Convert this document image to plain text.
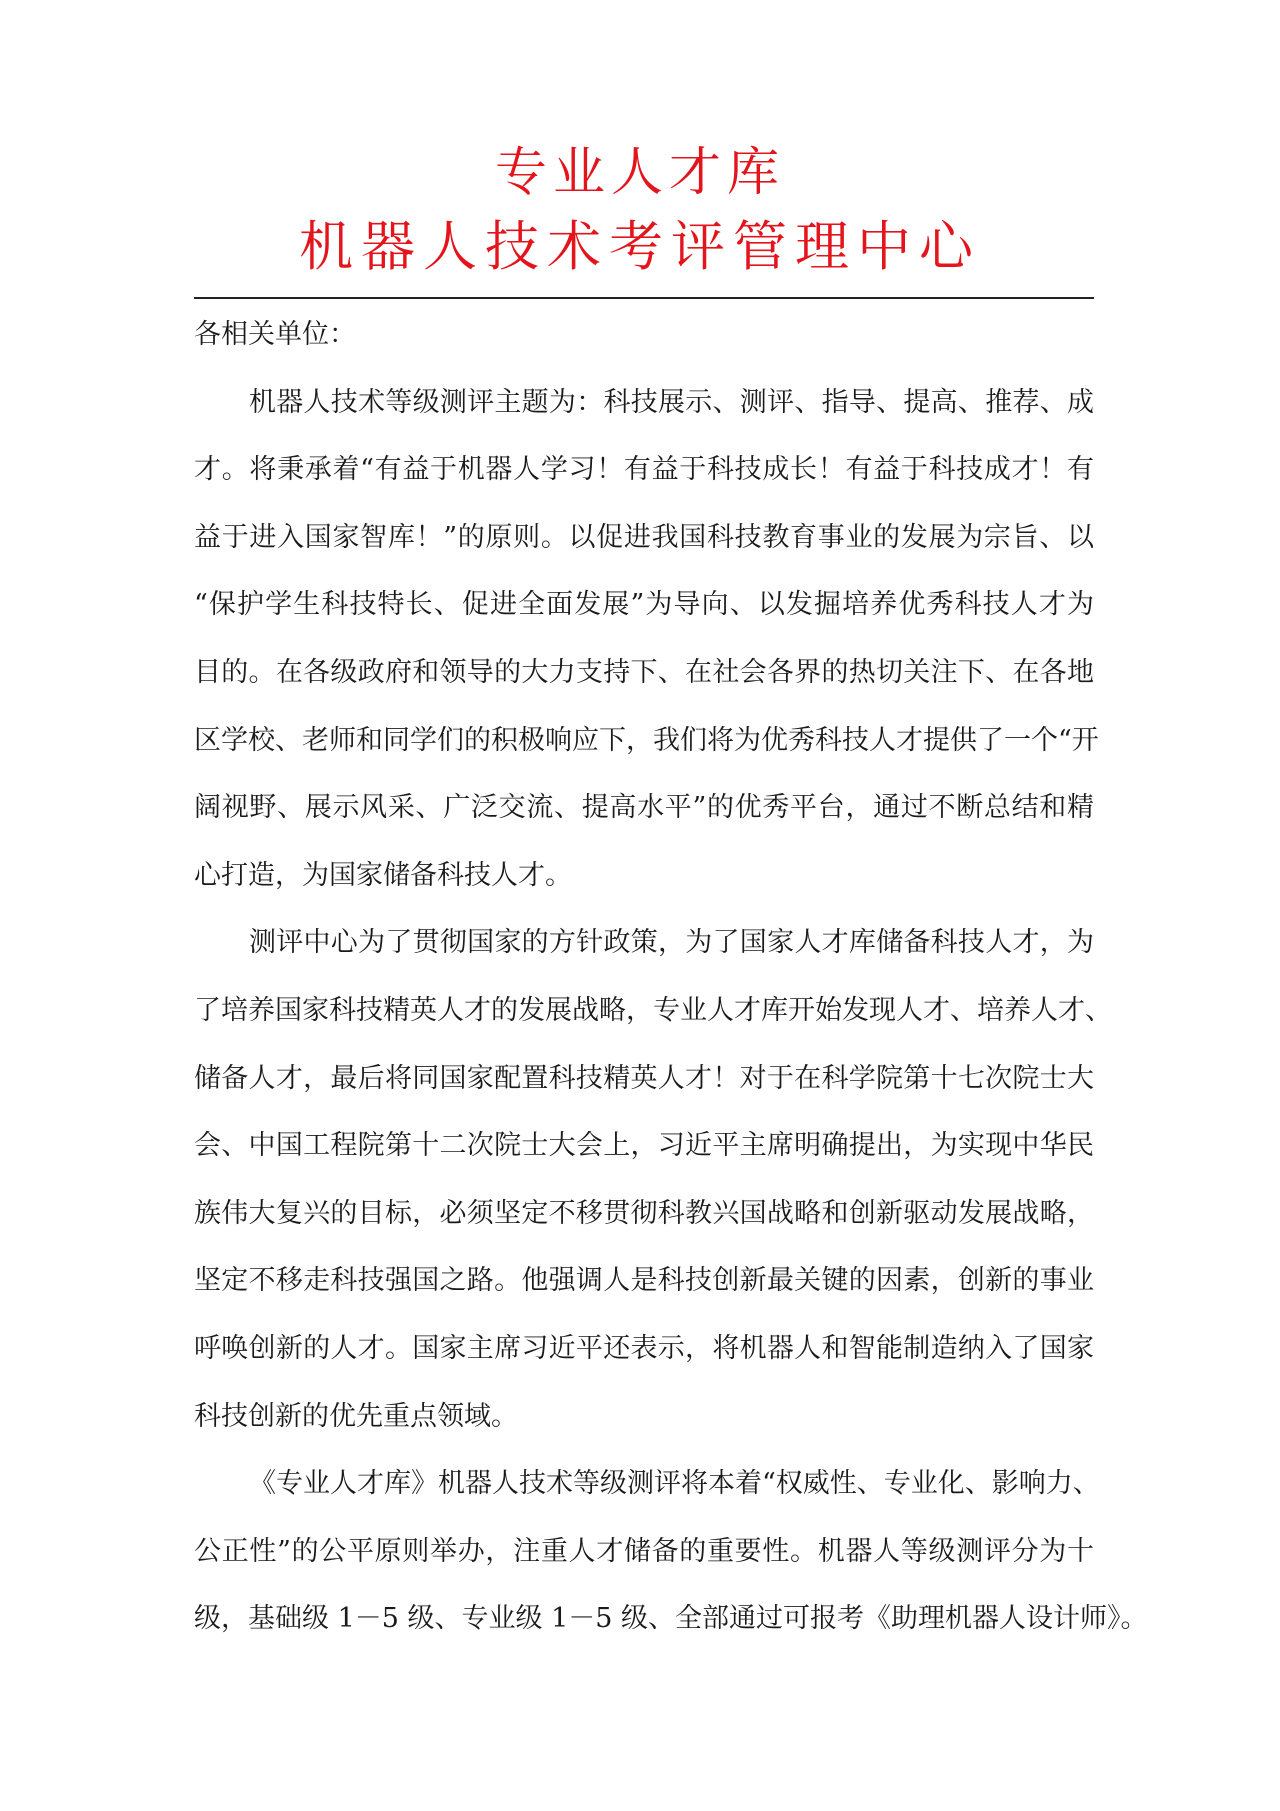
专业人才库
机器人技术考评管理中心
各相关单位：
机器人技术等级测评主题为：科技展示、测评、指导、提高、推荐、成
才。将秉承着“有益于机器人学习！有益于科技成长！有益于科技成才！有
益于进入国家智库！”的原则。以促进我国科技教育事业的发展为宗旨、以
“保护学生科技特长、促进全面发展”为导向、以发掘培养优秀科技人才为
目的。在各级政府和领导的大力支持下、在社会各界的热切关注下、在各地
区学校、老师和同学们的积极响应下，我们将为优秀科技人才提供了一个“开
阔视野、展示风采、广泛交流、提高水平”的优秀平台，通过不断总结和精
心打造，为国家储备科技人才。
测评中心为了贯彻国家的方针政策，为了国家人才库储备科技人才，为
了培养国家科技精英人才的发展战略，专业人才库开始发现人才、培养人才、
储备人才，最后将同国家配置科技精英人才！对于在科学院第十七次院士大
会、中国工程院第十二次院士大会上，习近平主席明确提出，为实现中华民
族伟大复兴的目标，必须坚定不移贯彻科教兴国战略和创新驱动发展战略，
坚定不移走科技强国之路。他强调人是科技创新最关键的因素，创新的事业
呼唤创新的人才。国家主席习近平还表示，将机器人和智能制造纳入了国家
科技创新的优先重点领域。
《专业人才库》机器人技术等级测评将本着“权威性、专业化、影响力、
公正性”的公平原则举办，注重人才储备的重要性。机器人等级测评分为十
级，基础级 1－5 级、专业级 1－5 级、全部通过可报考《助理机器人设计师》。
